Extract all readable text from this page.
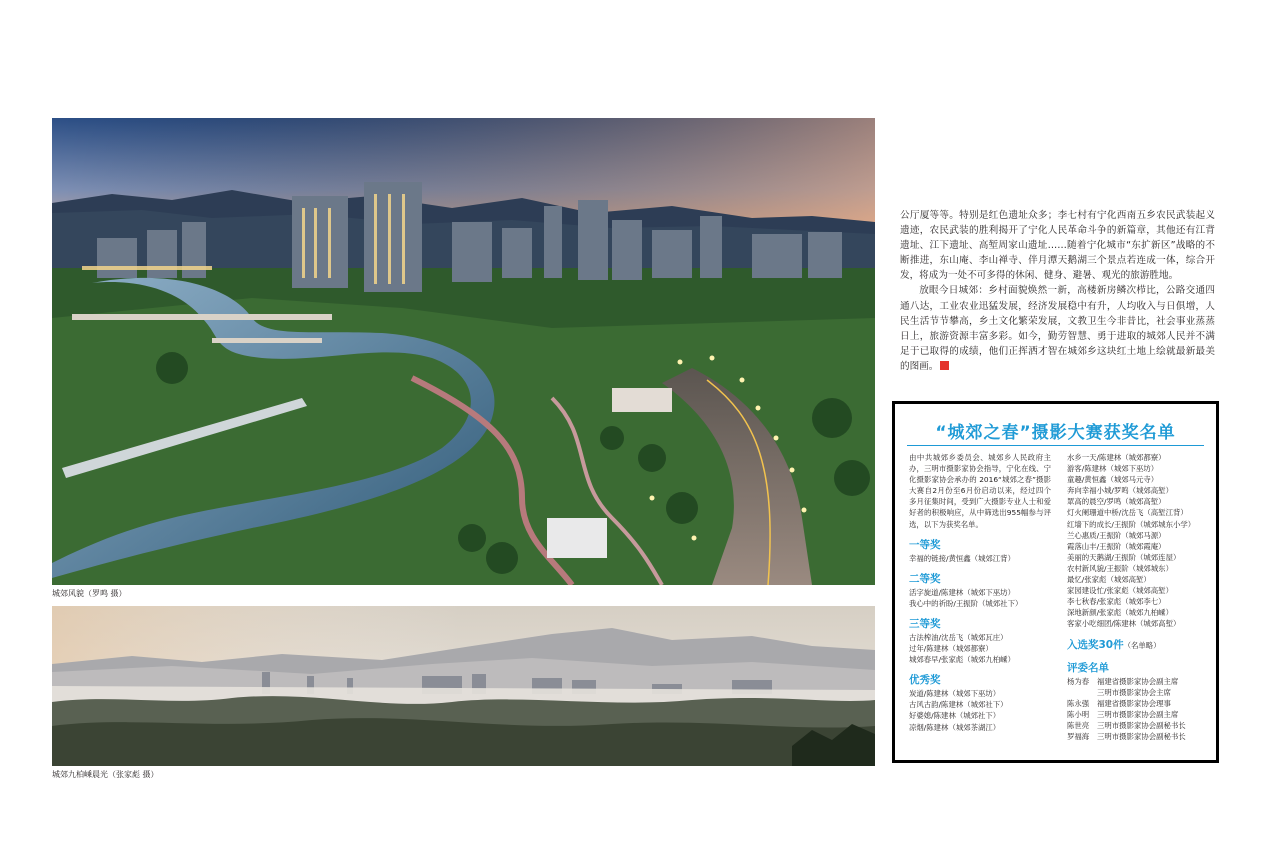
城郊风貌（罗鸣 摄）
城郊九柏嵊晨光（张家彪 摄）

公厅厦等等。特别是红色遗址众多；李七村有宁化西南五乡农民武装起义遗迹，农民武装的胜利揭开了宁化人民革命斗争的新篇章，其他还有江背遗址、江下遗址、高堑周家山遗址……随着宁化城市“东扩新区”战略的不断推进，东山庵、李山禅寺、伴月潭天鹅湖三个景点若连成一体，综合开发，将成为一处不可多得的休闲、健身、避暑、观光的旅游胜地。

放眼今日城郊：乡村面貌焕然一新，高楼新房鳞次栉比，公路交通四通八达，工业农业迅猛发展，经济发展稳中有升，人均收入与日俱增，人民生活节节攀高，乡土文化繁荣发展，文教卫生今非昔比，社会事业蒸蒸日上，旅游资源丰富多彩。如今，勤劳智慧、勇于进取的城郊人民并不满足于已取得的成绩，他们正挥洒才智在城郊乡这块红土地上绘就最新最美的图画。	5

“城郊之春”摄影大赛获奖名单
由中共城郊乡委员会、城郊乡人民政府主办，三明市摄影家协会指导，宁化在线、宁化摄影家协会承办的 2016“城郊之春”摄影大赛自2月份至6月份启动以来，经过四个多月征集时间，受到广大摄影专业人士和爱好者的积极响应，从中筛选出955幅参与评选，以下为获奖名单。
一等奖
幸福的链接/黄恒鑫（城郊江背）
二等奖
活字旋道/陈建林（城郊下巫坊）
我心中的祈盼/王振阶（城郊社下）
三等奖
古法榨油/沈岳飞（城郊瓦庄）
过年/陈建林（城郊都寮）
城郊春早/张家彪（城郊九柏嵊）
优秀奖
炭道/陈建林（城郊下巫坊）
古风古韵/陈建林（城郊社下）
好婆媳/陈建林（城郊社下）
凉烟/陈建林（城郊茶湖江）
水乡一天/陈建林（城郊都寮）
游客/陈建林（城郊下巫坊）
童趣/黄恒鑫（城郊马元寺）
奔向幸福小城/罗鸣（城郊高堑）
眾高的晨空/罗鸣（城郊高堑）
灯火阑珊道中桥/沈岳飞（高堑江背）
红墙下的成长/王振阶（城郊城东小学）
兰心惠质/王振阶（城郊马源）
霞落山丰/王振阶（城郊霞庵）
美丽的天鹅湖/王振阶（城郊连屋）
农村新风貌/王振阶（城郊城东）
最忆/张家彪（城郊高堑）
家园建设忙/张家彪（城郊高堑）
李七秋春/张家彪（城郊李七）
深地新颜/张家彪（城郊九柏嵊）
客家小吃细团/陈建林（城郊高堑）
入选奖30件（名单略）
评委名单
杨为春	福建省摄影家协会副主席
三明市摄影家协会主席
陈永强	福建省摄影家协会理事
陈小明	三明市摄影家协会副主席
陈世亮	三明市摄影家协会副秘书长
罗福海	三明市摄影家协会副秘书长
